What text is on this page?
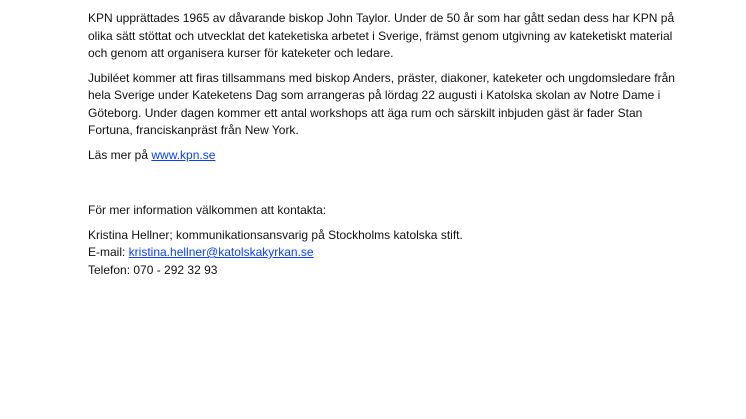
KPN upprättades 1965 av dåvarande biskop John Taylor. Under de 50 år som har gått sedan dess har KPN på olika sätt stöttat och utvecklat det kateketiska arbetet i Sverige, främst genom utgivning av kateketiskt material och genom att organisera kurser för kateketer och ledare.

Jubiléet kommer att firas tillsammans med biskop Anders, präster, diakoner, kateketer och ungdomsledare från hela Sverige under Kateketens Dag som arrangeras på lördag 22 augusti i Katolska skolan av Notre Dame i Göteborg. Under dagen kommer ett antal workshops att äga rum och särskilt inbjuden gäst är fader Stan Fortuna, franciskanpräst från New York.

Läs mer på www.kpn.se

För mer information välkommen att kontakta:

Kristina Hellner; kommunikationsansvarig på Stockholms katolska stift.

E-mail: kristina.hellner@katolskakyrkan.se

Telefon: 070 - 292 32 93
